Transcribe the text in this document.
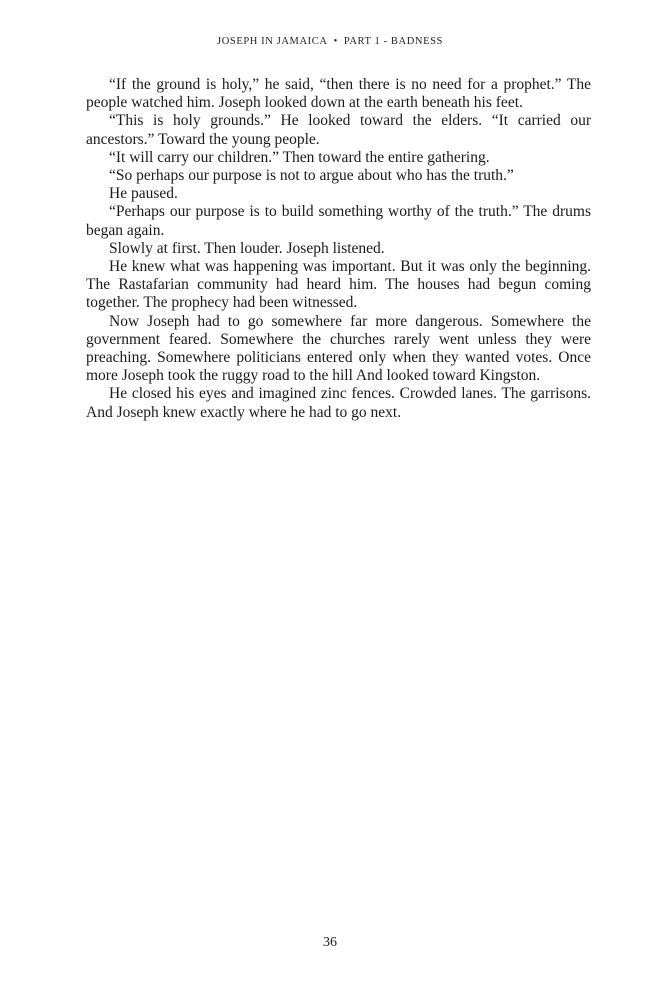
JOSEPH IN JAMAICA • PART 1 - BADNESS

“If the ground is holy,” he said, “then there is no need for a prophet.” The people watched him. Joseph looked down at the earth beneath his feet.

“This is holy grounds.” He looked toward the elders. “It carried our ancestors.” Toward the young people.

“It will carry our children.” Then toward the entire gathering.

“So perhaps our purpose is not to argue about who has the truth.”

He paused.

“Perhaps our purpose is to build something worthy of the truth.” The drums began again.

Slowly at first. Then louder. Joseph listened.

He knew what was happening was important. But it was only the beginning. The Rastafarian community had heard him. The houses had begun coming together. The prophecy had been witnessed.

Now Joseph had to go somewhere far more dangerous. Somewhere the government feared. Somewhere the churches rarely went unless they were preaching. Somewhere politicians entered only when they wanted votes. Once more Joseph took the ruggy road to the hill And looked toward Kingston.

He closed his eyes and imagined zinc fences. Crowded lanes. The garrisons. And Joseph knew exactly where he had to go next.

36
